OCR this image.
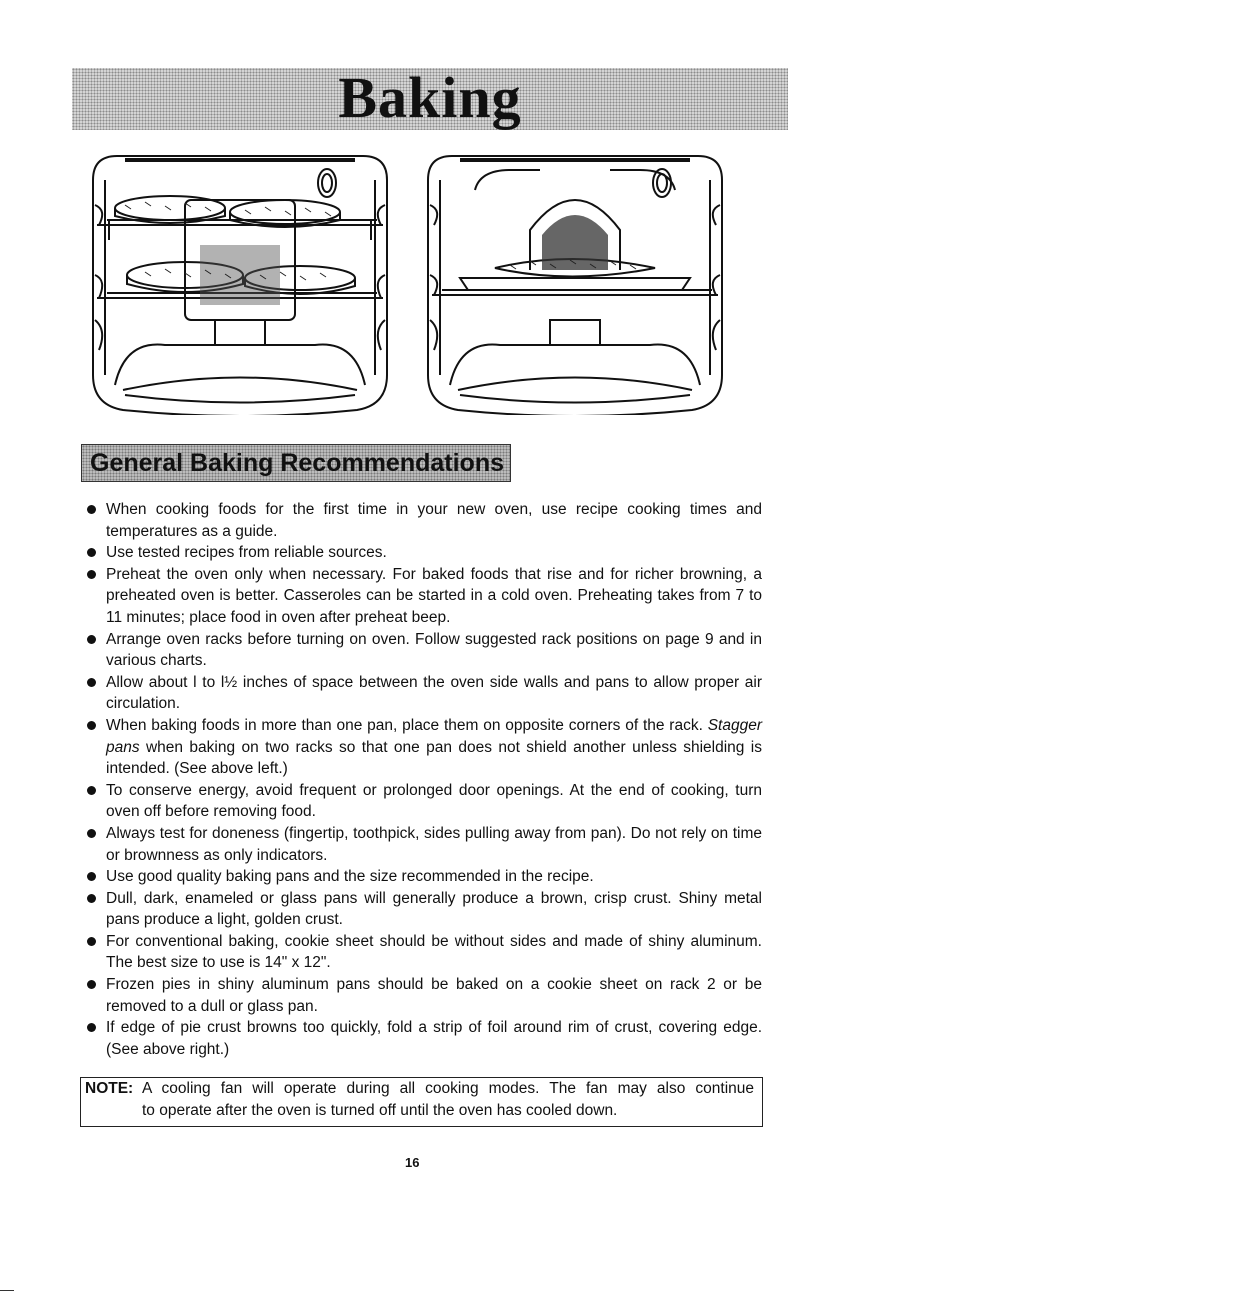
Baking
General Baking Recommendations
When cooking foods for the first time in your new oven, use recipe cooking times and temperatures as a guide.
Use tested recipes from reliable sources.
Preheat the oven only when necessary. For baked foods that rise and for richer browning, a preheated oven is better. Casseroles can be started in a cold oven. Preheating takes from 7 to 11 minutes; place food in oven after preheat beep.
Arrange oven racks before turning on oven. Follow suggested rack positions on page 9 and in various charts.
Allow about l to l½ inches of space between the oven side walls and pans to allow proper air circulation.
When baking foods in more than one pan, place them on opposite corners of the rack. Stagger pans when baking on two racks so that one pan does not shield another unless shielding is intended. (See above left.)
To conserve energy, avoid frequent or prolonged door openings. At the end of cooking, turn oven off before removing food.
Always test for doneness (fingertip, toothpick, sides pulling away from pan). Do not rely on time or brownness as only indicators.
Use good quality baking pans and the size recommended in the recipe.
Dull, dark, enameled or glass pans will generally produce a brown, crisp crust. Shiny metal pans produce a light, golden crust.
For conventional baking, cookie sheet should be without sides and made of shiny aluminum. The best size to use is 14" x 12".
Frozen pies in shiny aluminum pans should be baked on a cookie sheet on rack 2 or be removed to a dull or glass pan.
If edge of pie crust browns too quickly, fold a strip of foil around rim of crust, covering edge. (See above right.)
NOTE: A cooling fan will operate during all cooking modes. The fan may also continue
to operate after the oven is turned off until the oven has cooled down.
16
